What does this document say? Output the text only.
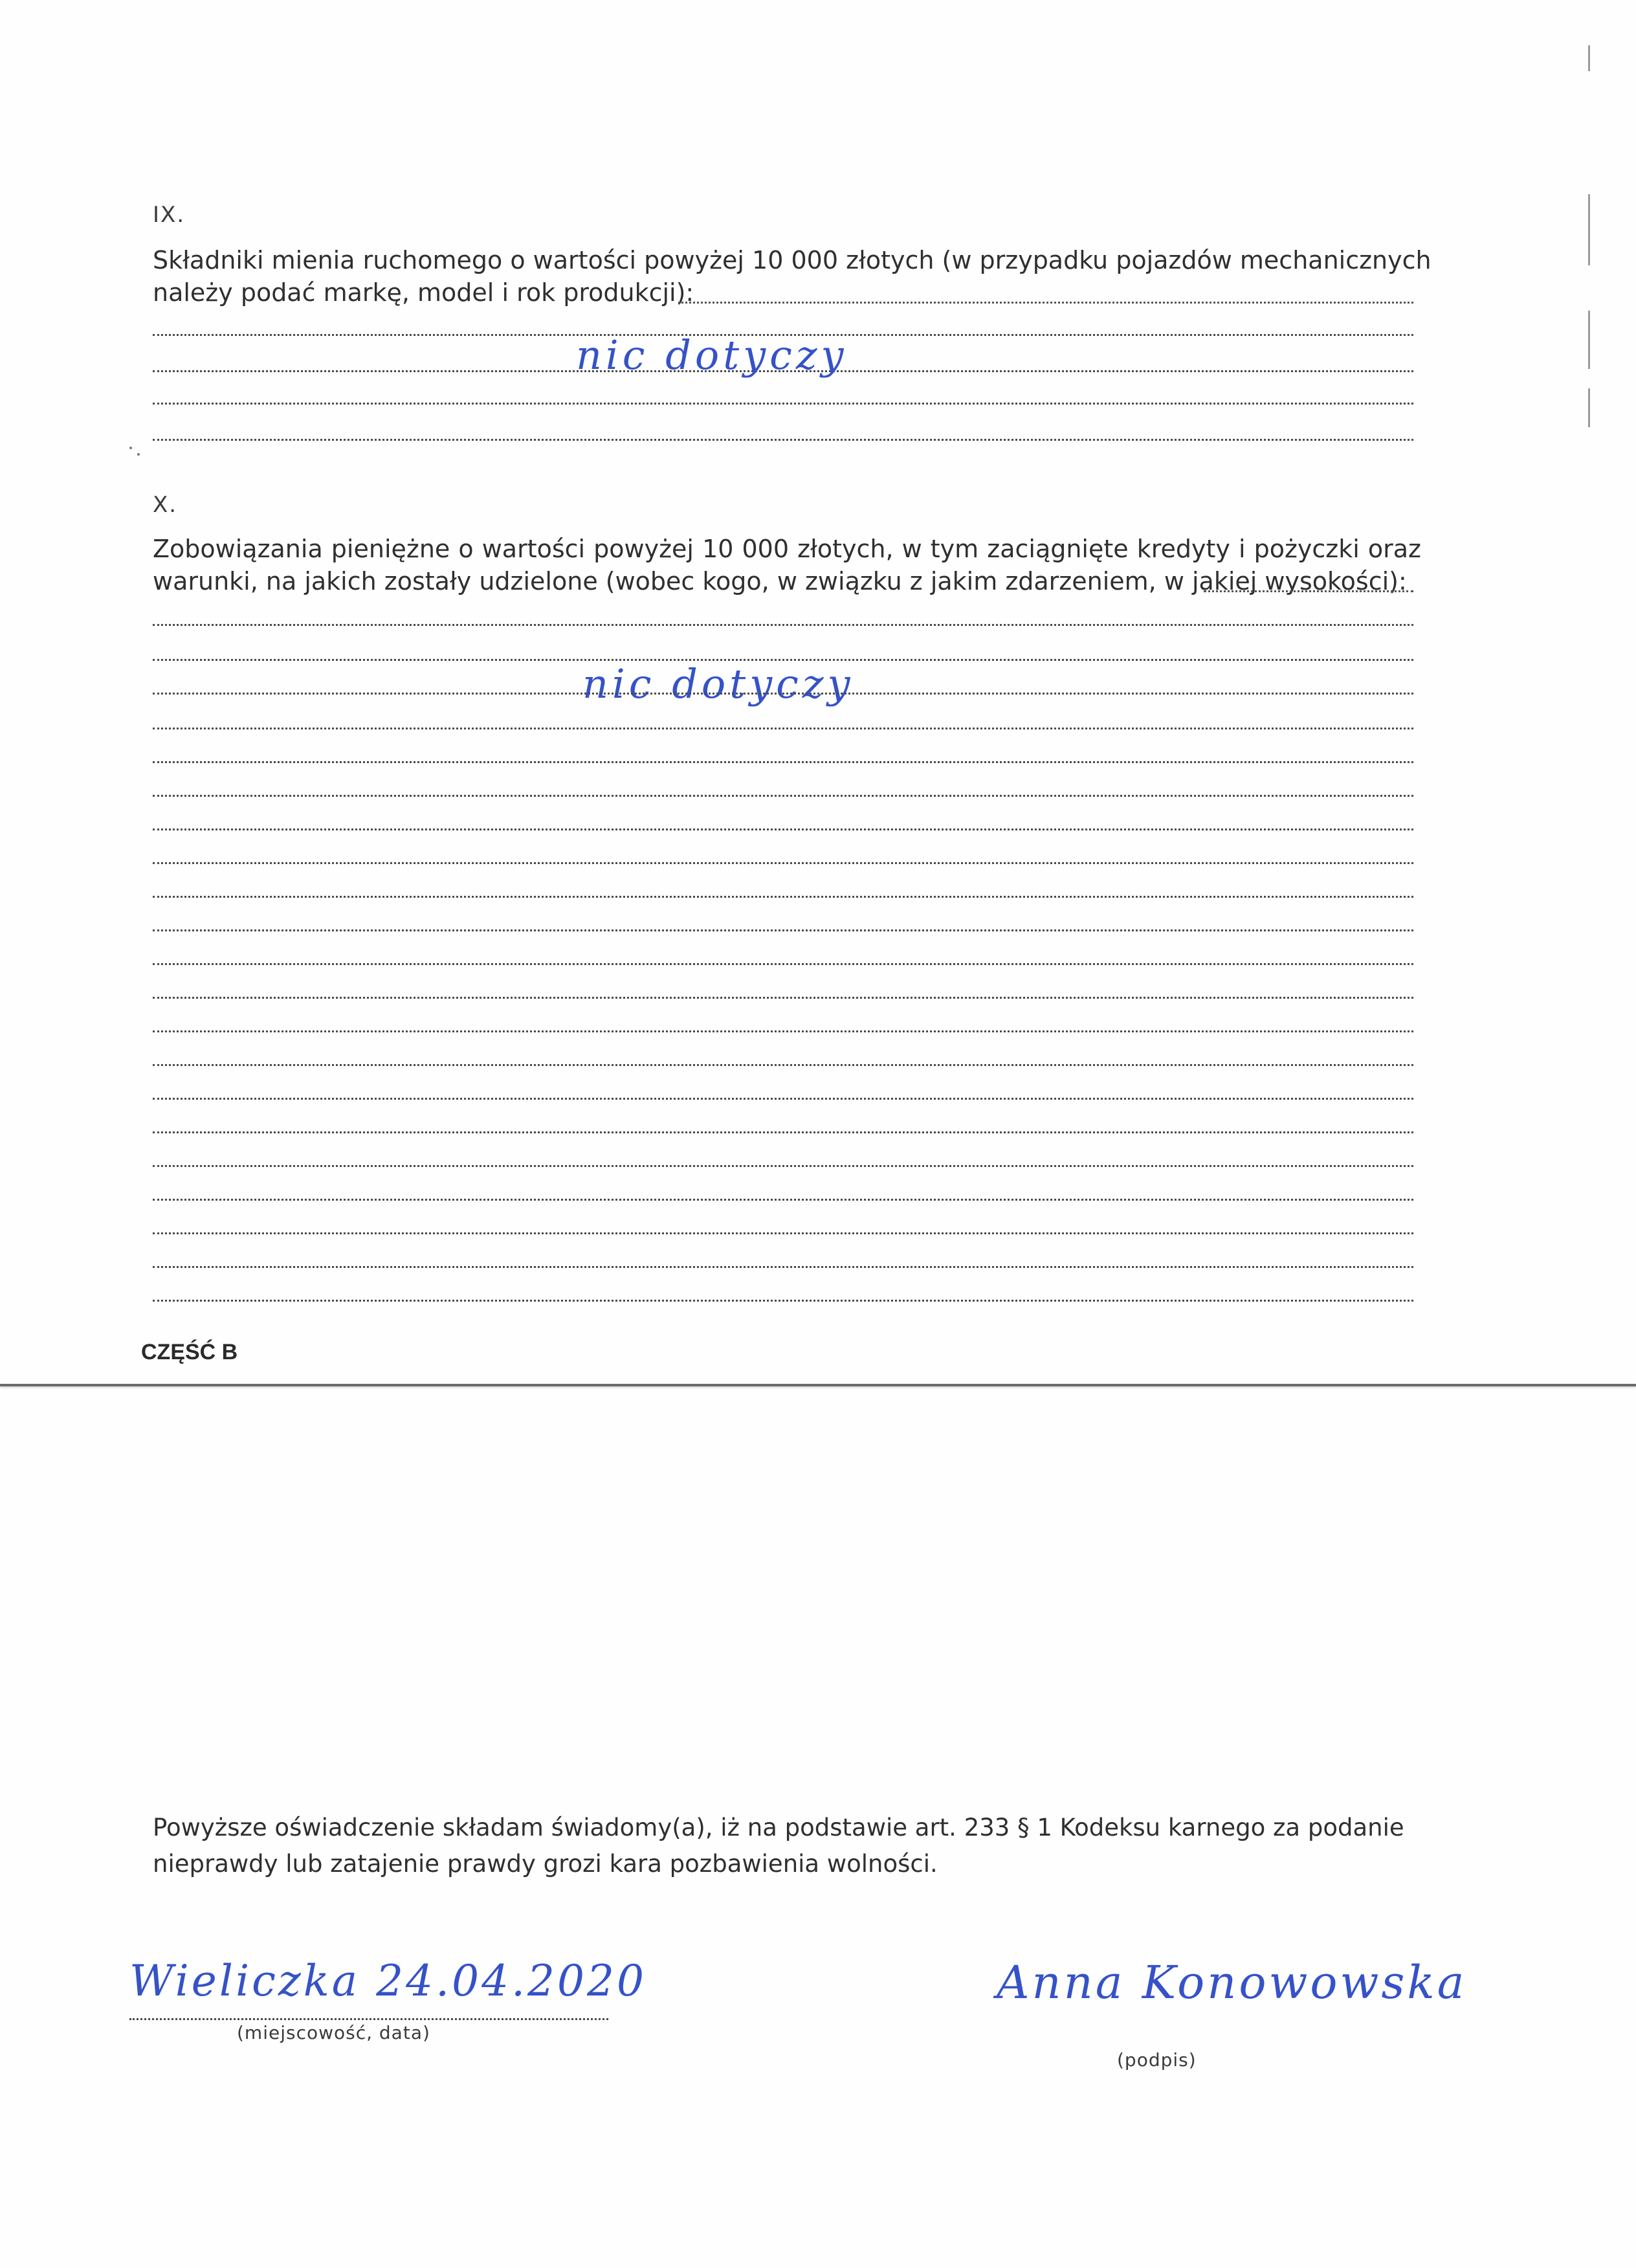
IX.
Składniki mienia ruchomego o wartości powyżej 10 000 złotych (w przypadku pojazdów mechanicznych
należy podać markę, model i rok produkcji):
nic dotyczy
X.
Zobowiązania pieniężne o wartości powyżej 10 000 złotych, w tym zaciągnięte kredyty i pożyczki oraz
warunki, na jakich zostały udzielone (wobec kogo, w związku z jakim zdarzeniem, w jakiej wysokości):
nic dotyczy
CZĘŚĆ B
Powyższe oświadczenie składam świadomy(a), iż na podstawie art. 233 § 1 Kodeksu karnego za podanie
nieprawdy lub zatajenie prawdy grozi kara pozbawienia wolności.
Wieliczka 24.04.2020
(miejscowość, data)
Anna Konowowska
(podpis)
